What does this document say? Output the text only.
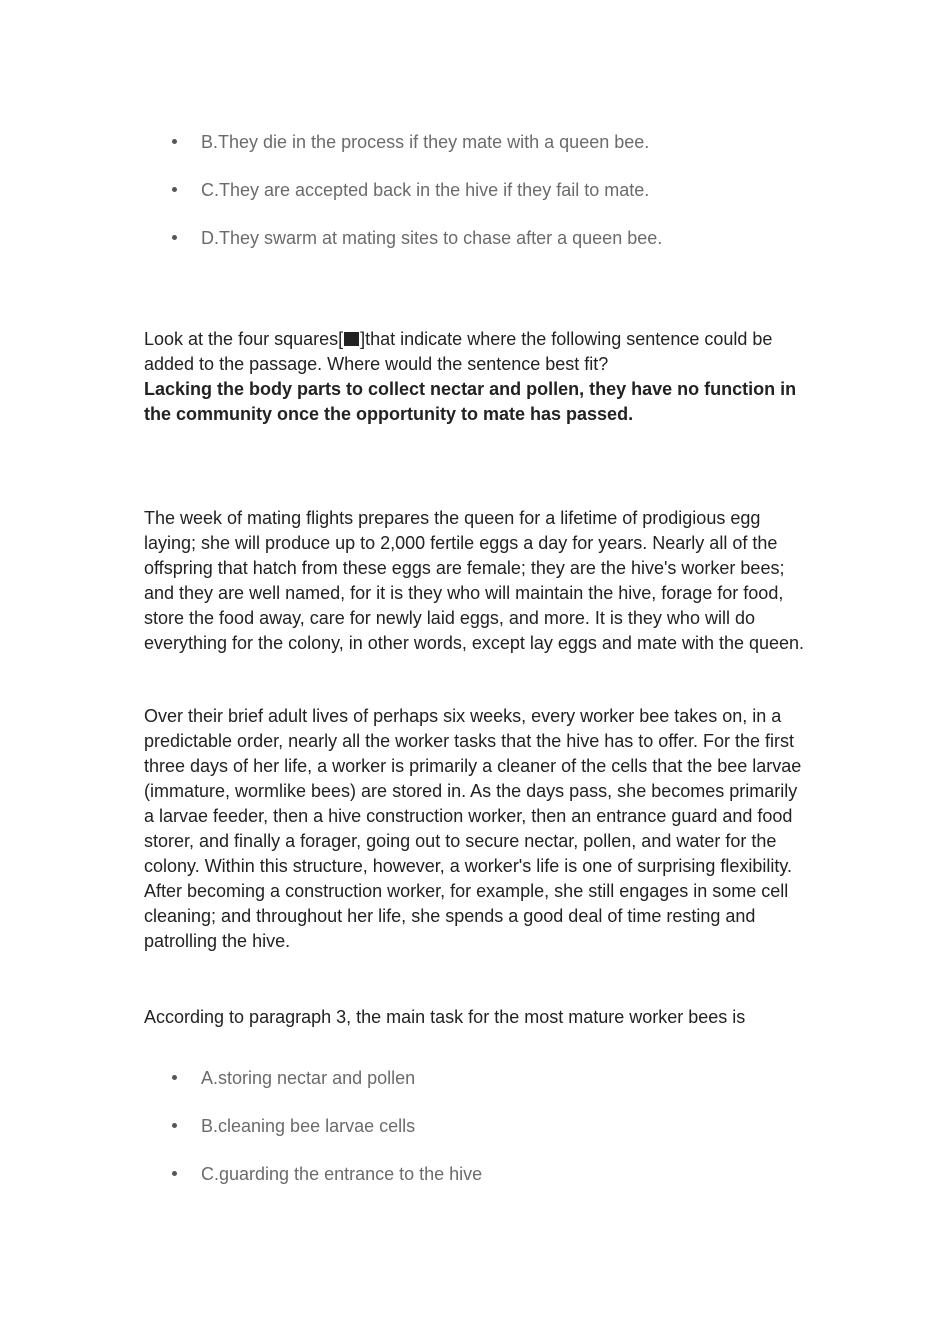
B.They die in the process if they mate with a queen bee.
C.They are accepted back in the hive if they fail to mate.
D.They swarm at mating sites to chase after a queen bee.

Look at the four squares[ ]that indicate where the following sentence could be added to the passage. Where would the sentence best fit?

Lacking the body parts to collect nectar and pollen, they have no function in the community once the opportunity to mate has passed.

The week of mating flights prepares the queen for a lifetime of prodigious egg laying; she will produce up to 2,000 fertile eggs a day for years. Nearly all of the offspring that hatch from these eggs are female; they are the hive's worker bees; and they are well named, for it is they who will maintain the hive, forage for food, store the food away, care for newly laid eggs, and more. It is they who will do everything for the colony, in other words, except lay eggs and mate with the queen.

Over their brief adult lives of perhaps six weeks, every worker bee takes on, in a predictable order, nearly all the worker tasks that the hive has to offer. For the first three days of her life, a worker is primarily a cleaner of the cells that the bee larvae (immature, wormlike bees) are stored in. As the days pass, she becomes primarily a larvae feeder, then a hive construction worker, then an entrance guard and food storer, and finally a forager, going out to secure nectar, pollen, and water for the colony. Within this structure, however, a worker's life is one of surprising flexibility. After becoming a construction worker, for example, she still engages in some cell cleaning; and throughout her life, she spends a good deal of time resting and patrolling the hive.

According to paragraph 3, the main task for the most mature worker bees is

A.storing nectar and pollen
B.cleaning bee larvae cells
C.guarding the entrance to the hive
